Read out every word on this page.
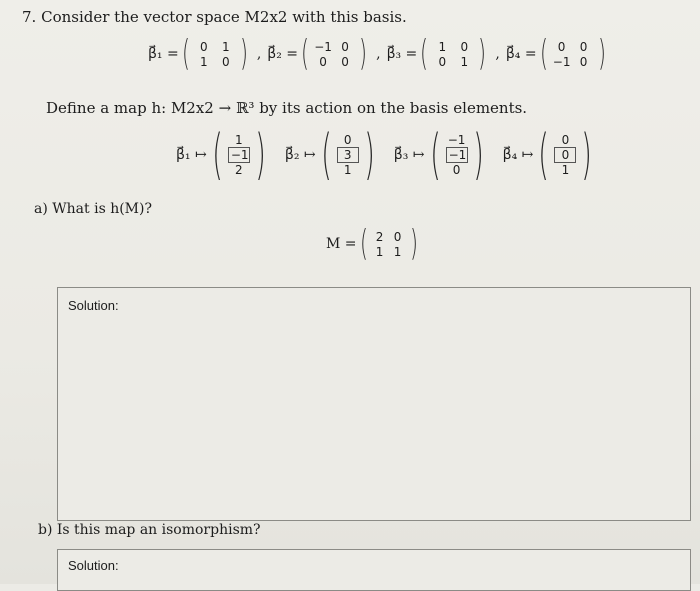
7. Consider the vector space M2x2 with this basis.
β⃗₁ = ( 0	1
1	0 ) , β⃗₂ = ( −1 0
0	0 ) , β⃗₃ = ( 1	0
0	1 ) , β⃗₄ = ( 0	0
−1 0 )
Define a map h: M2x2 → ℝ³ by its action on the basis elements.
β⃗₁ ↦ (	1
−1
2 ) β⃗₂ ↦ (	0
3
1 ) β⃗₃ ↦ ( −1
−1
0 ) β⃗₄ ↦ (	0
0
1 )
a) What is h(M)?
M = ( 2 0
1 1 )
Solution:
b) Is this map an isomorphism?
Solution:
